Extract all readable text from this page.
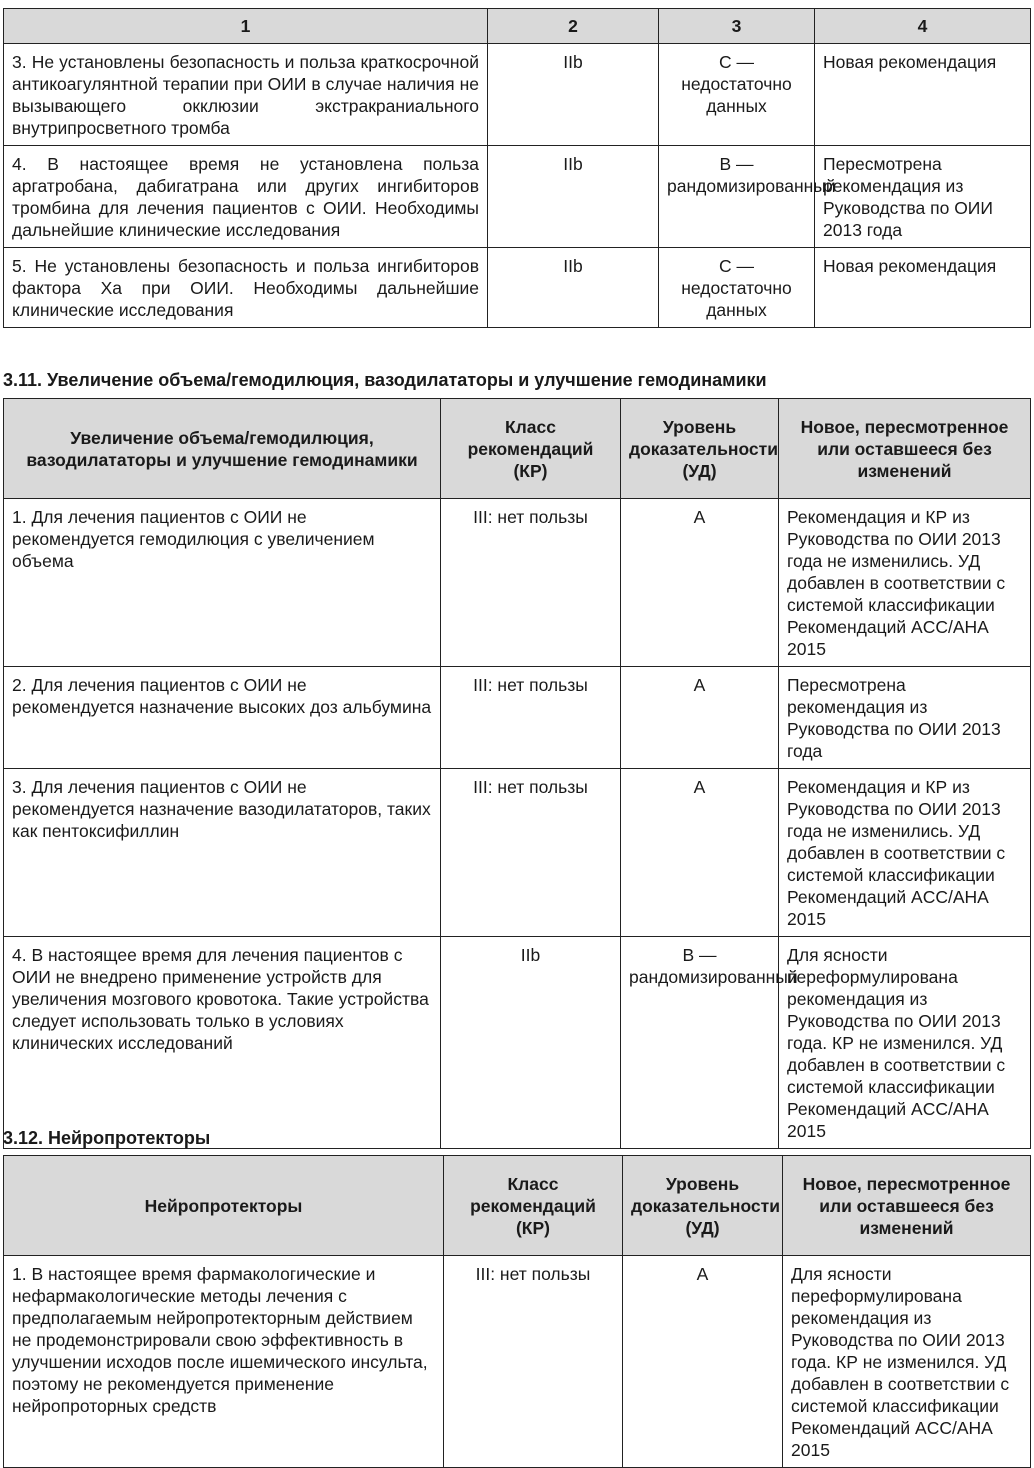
1	2	3	4
3. Не установлены безопасность и польза краткосрочной антикоагулянтной терапии при ОИИ в случае наличия не вызывающего окклюзии экстракраниального внутрипросветного тромба	IIb	C — недостаточно данных	Новая рекомендация
4. В настоящее время не установлена польза аргатробана, дабигатрана или других ингибиторов тромбина для лечения пациентов с ОИИ. Необходимы дальнейшие клинические исследования	IIb	B — рандомизированный	Пересмотрена рекомендация из Руководства по ОИИ 2013 года
5. Не установлены безопасность и польза ингибиторов фактора Xa при ОИИ. Необходимы дальнейшие клинические исследования	IIb	C — недостаточно данных	Новая рекомендация
3.11. Увеличение объема/гемодилюция, вазодилататоры и улучшение гемодинамики
Увеличение объема/гемодилюция, вазодилататоры и улучшение гемодинамики	Класс рекомендаций (КР)	Уровень доказательности (УД)	Новое, пересмотренное или оставшееся без изменений
1. Для лечения пациентов с ОИИ не рекомендуется гемодилюция с увеличением объема	III: нет пользы	A	Рекомендация и КР из Руководства по ОИИ 2013 года не изменились. УД добавлен в соответствии с системой классификации Рекомендаций ACC/AHA 2015
2. Для лечения пациентов с ОИИ не рекомендуется назначение высоких доз альбумина	III: нет пользы	A	Пересмотрена рекомендация из Руководства по ОИИ 2013 года
3. Для лечения пациентов с ОИИ не рекомендуется назначение вазодилататоров, таких как пентоксифиллин	III: нет пользы	A	Рекомендация и КР из Руководства по ОИИ 2013 года не изменились. УД добавлен в соответствии с системой классификации Рекомендаций ACC/AHA 2015
4. В настоящее время для лечения пациентов с ОИИ не внедрено применение устройств для увеличения мозгового кровотока. Такие устройства следует использовать только в условиях клинических исследований	IIb	B — рандомизированный	Для ясности переформулирована рекомендация из Руководства по ОИИ 2013 года. КР не изменился. УД добавлен в соответствии с системой классификации Рекомендаций ACC/AHA 2015
3.12. Нейропротекторы
Нейропротекторы	Класс рекомендаций (КР)	Уровень доказательности (УД)	Новое, пересмотренное или оставшееся без изменений
1. В настоящее время фармакологические и нефармакологические методы лечения с предполагаемым нейропротекторным действием не продемонстрировали свою эффективность в улучшении исходов после ишемического инсульта, поэтому не рекомендуется применение нейропроторных средств	III: нет пользы	A	Для ясности переформулирована рекомендация из Руководства по ОИИ 2013 года. КР не изменился. УД добавлен в соответствии с системой классификации Рекомендаций ACC/AHA 2015
